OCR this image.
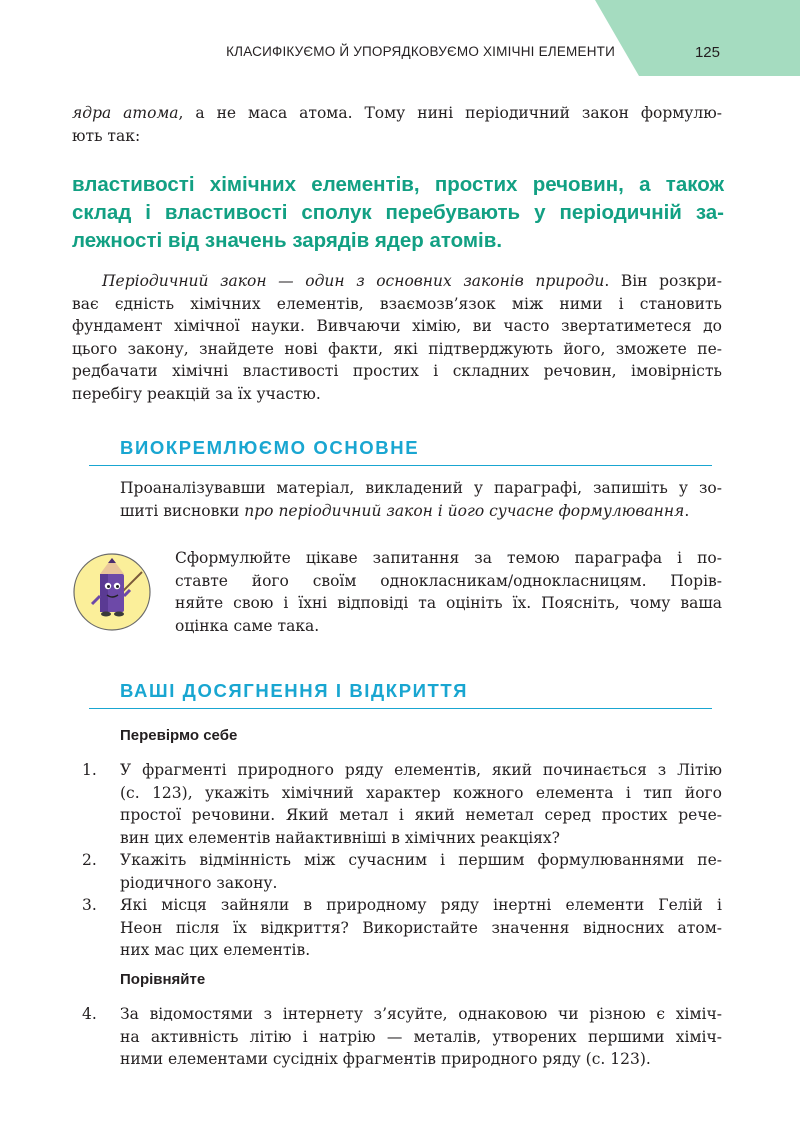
КЛАСИФІКУЄМО Й УПОРЯДКОВУЄМО ХІМІЧНІ ЕЛЕМЕНТИ	125
ядра атома, а не маса атома. Тому нині періодичний закон формулю-
ють так:
властивості хімічних елементів, простих речовин, а також
склад і властивості сполук перебувають у періодичній за-
лежності від значень зарядів ядер атомів.
Періодичний закон — один з основних законів природи. Він розкри-
ває єдність хімічних елементів, взаємозв’язок між ними і становить
фундамент хімічної науки. Вивчаючи хімію, ви часто звертатиметеся до
цього закону, знайдете нові факти, які підтверджують його, зможете пе-
редбачати хімічні властивості простих і складних речовин, імовірність
перебігу реакцій за їх участю.
ВИОКРЕМЛЮЄМО ОСНОВНЕ
Проаналізувавши матеріал, викладений у параграфі, запишіть у зо-
шиті висновки про періодичний закон і його сучасне формулювання.
Сформулюйте цікаве запитання за темою параграфа і по-
ставте його своїм однокласникам/однокласницям. Порів-
няйте свою і їхні відповіді та оцініть їх. Поясніть, чому ваша
оцінка саме така.
ВАШІ ДОСЯГНЕННЯ І ВІДКРИТТЯ
Перевірмо себе
1. У фрагменті природного ряду елементів, який починається з Літію
(с. 123), укажіть хімічний характер кожного елемента і тип його
простої речовини. Який метал і який неметал серед простих рече-
вин цих елементів найактивніші в хімічних реакціях?
2. Укажіть відмінність між сучасним і першим формулюваннями пе-
ріодичного закону.
3. Які місця зайняли в природному ряду інертні елементи Гелій і
Неон після їх відкриття? Використайте значення відносних атом-
них мас цих елементів.
Порівняйте
4. За відомостями з інтернету з’ясуйте, однаковою чи різною є хіміч-
на активність літію і натрію — металів, утворених першими хіміч-
ними елементами сусідніх фрагментів природного ряду (с. 123).
